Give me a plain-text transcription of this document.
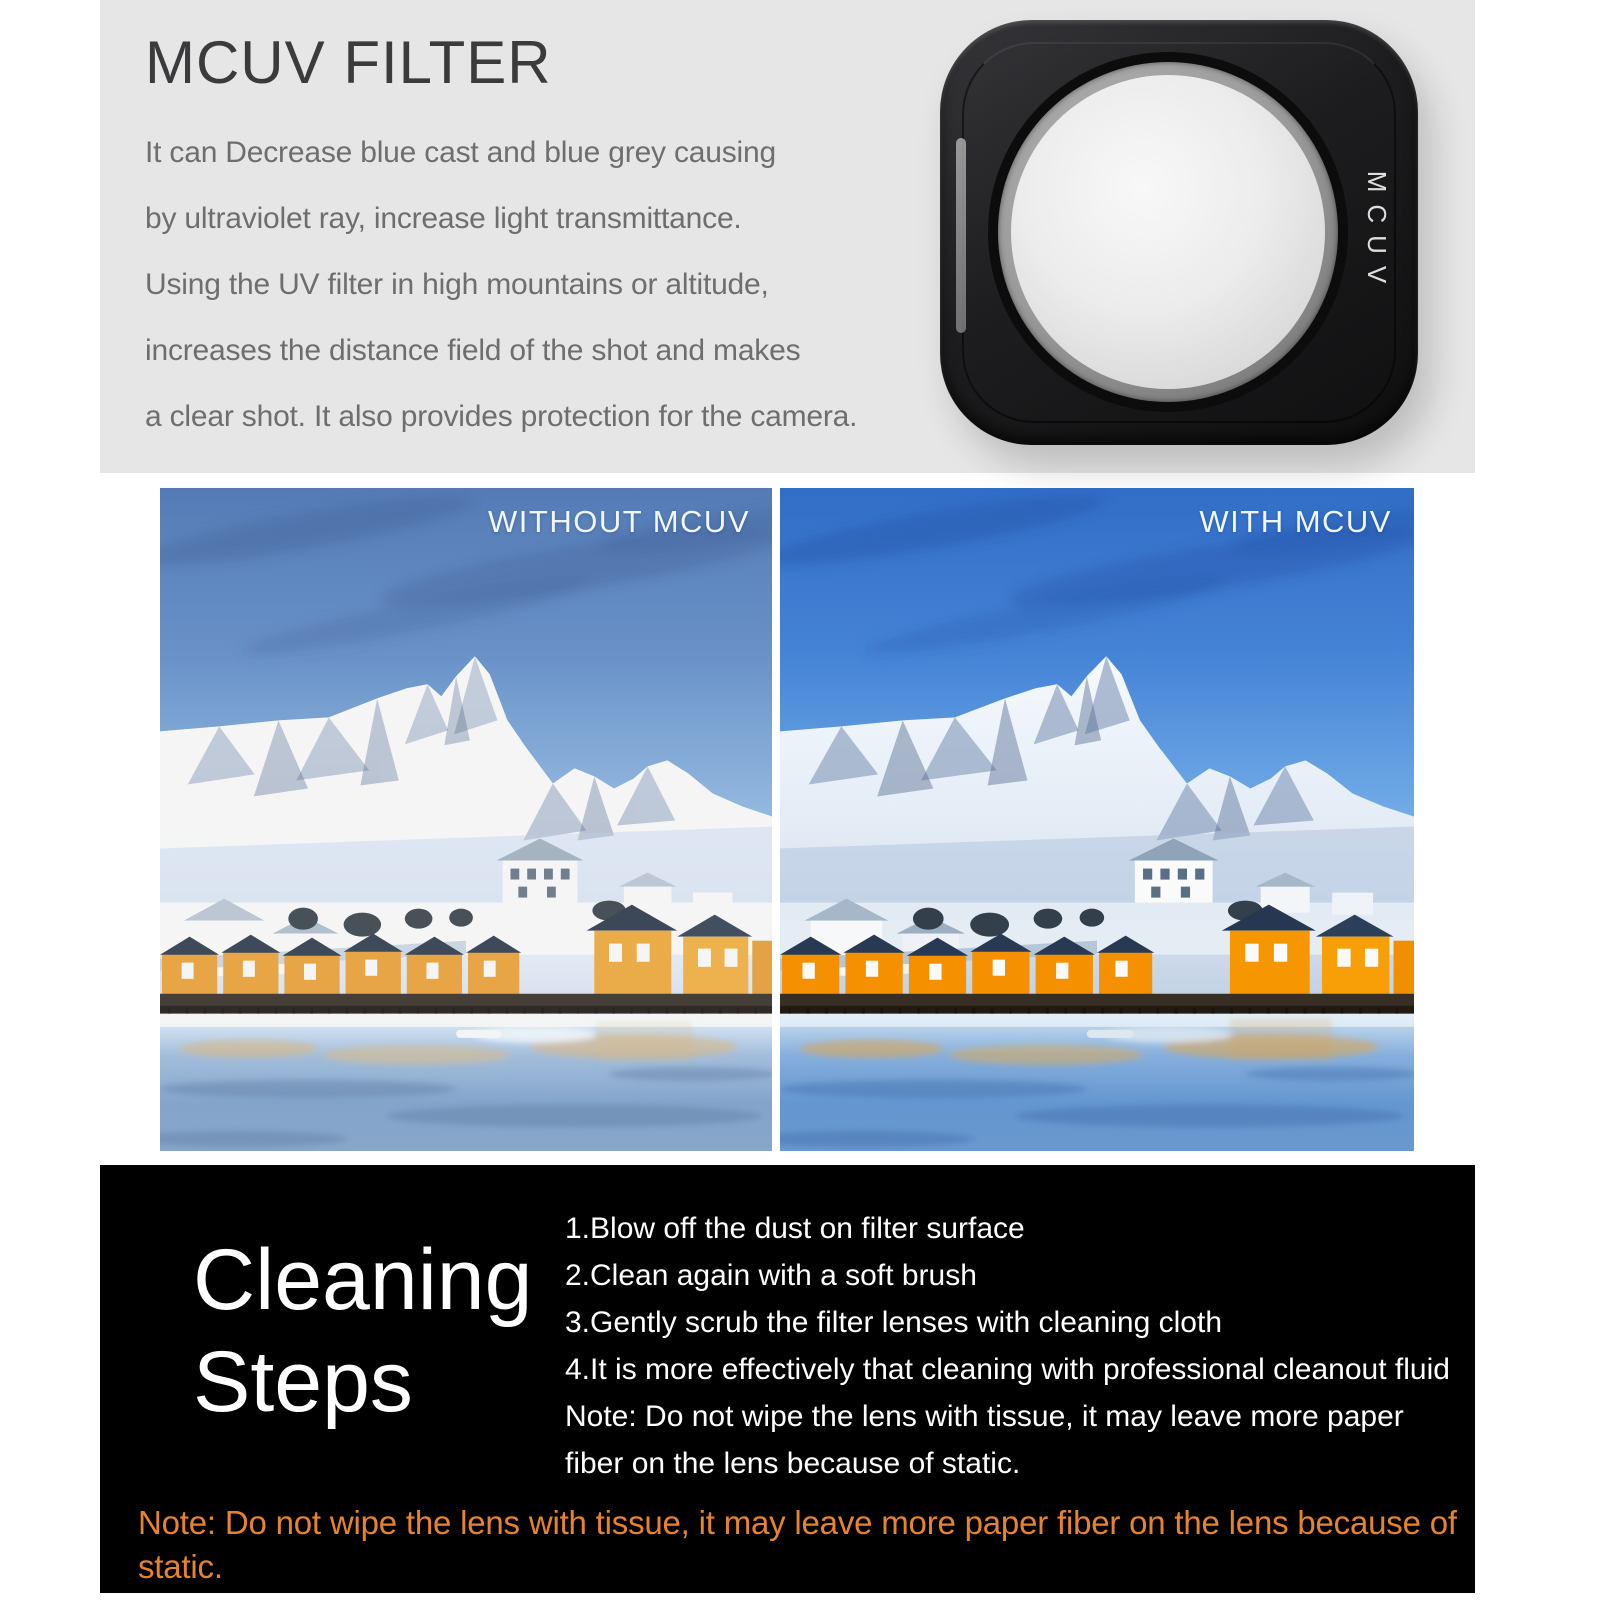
MCUV FILTER
It can Decrease blue cast and blue grey causing
by ultraviolet ray, increase light transmittance.
Using the UV filter in high mountains or altitude,
increases the distance field of the shot and makes
a clear shot. It also provides protection for the camera.
MCUV
WITHOUT MCUV	WITH MCUV
Cleaning
Steps
1.Blow off the dust on filter surface
2.Clean again with a soft brush
3.Gently scrub the filter lenses with cleaning cloth
4.It is more effectively that cleaning with professional cleanout fluid
Note: Do not wipe the lens with tissue, it may leave more paper
fiber on the lens because of static.
Note: Do not wipe the lens with tissue, it may leave more paper fiber on the lens because of static.
